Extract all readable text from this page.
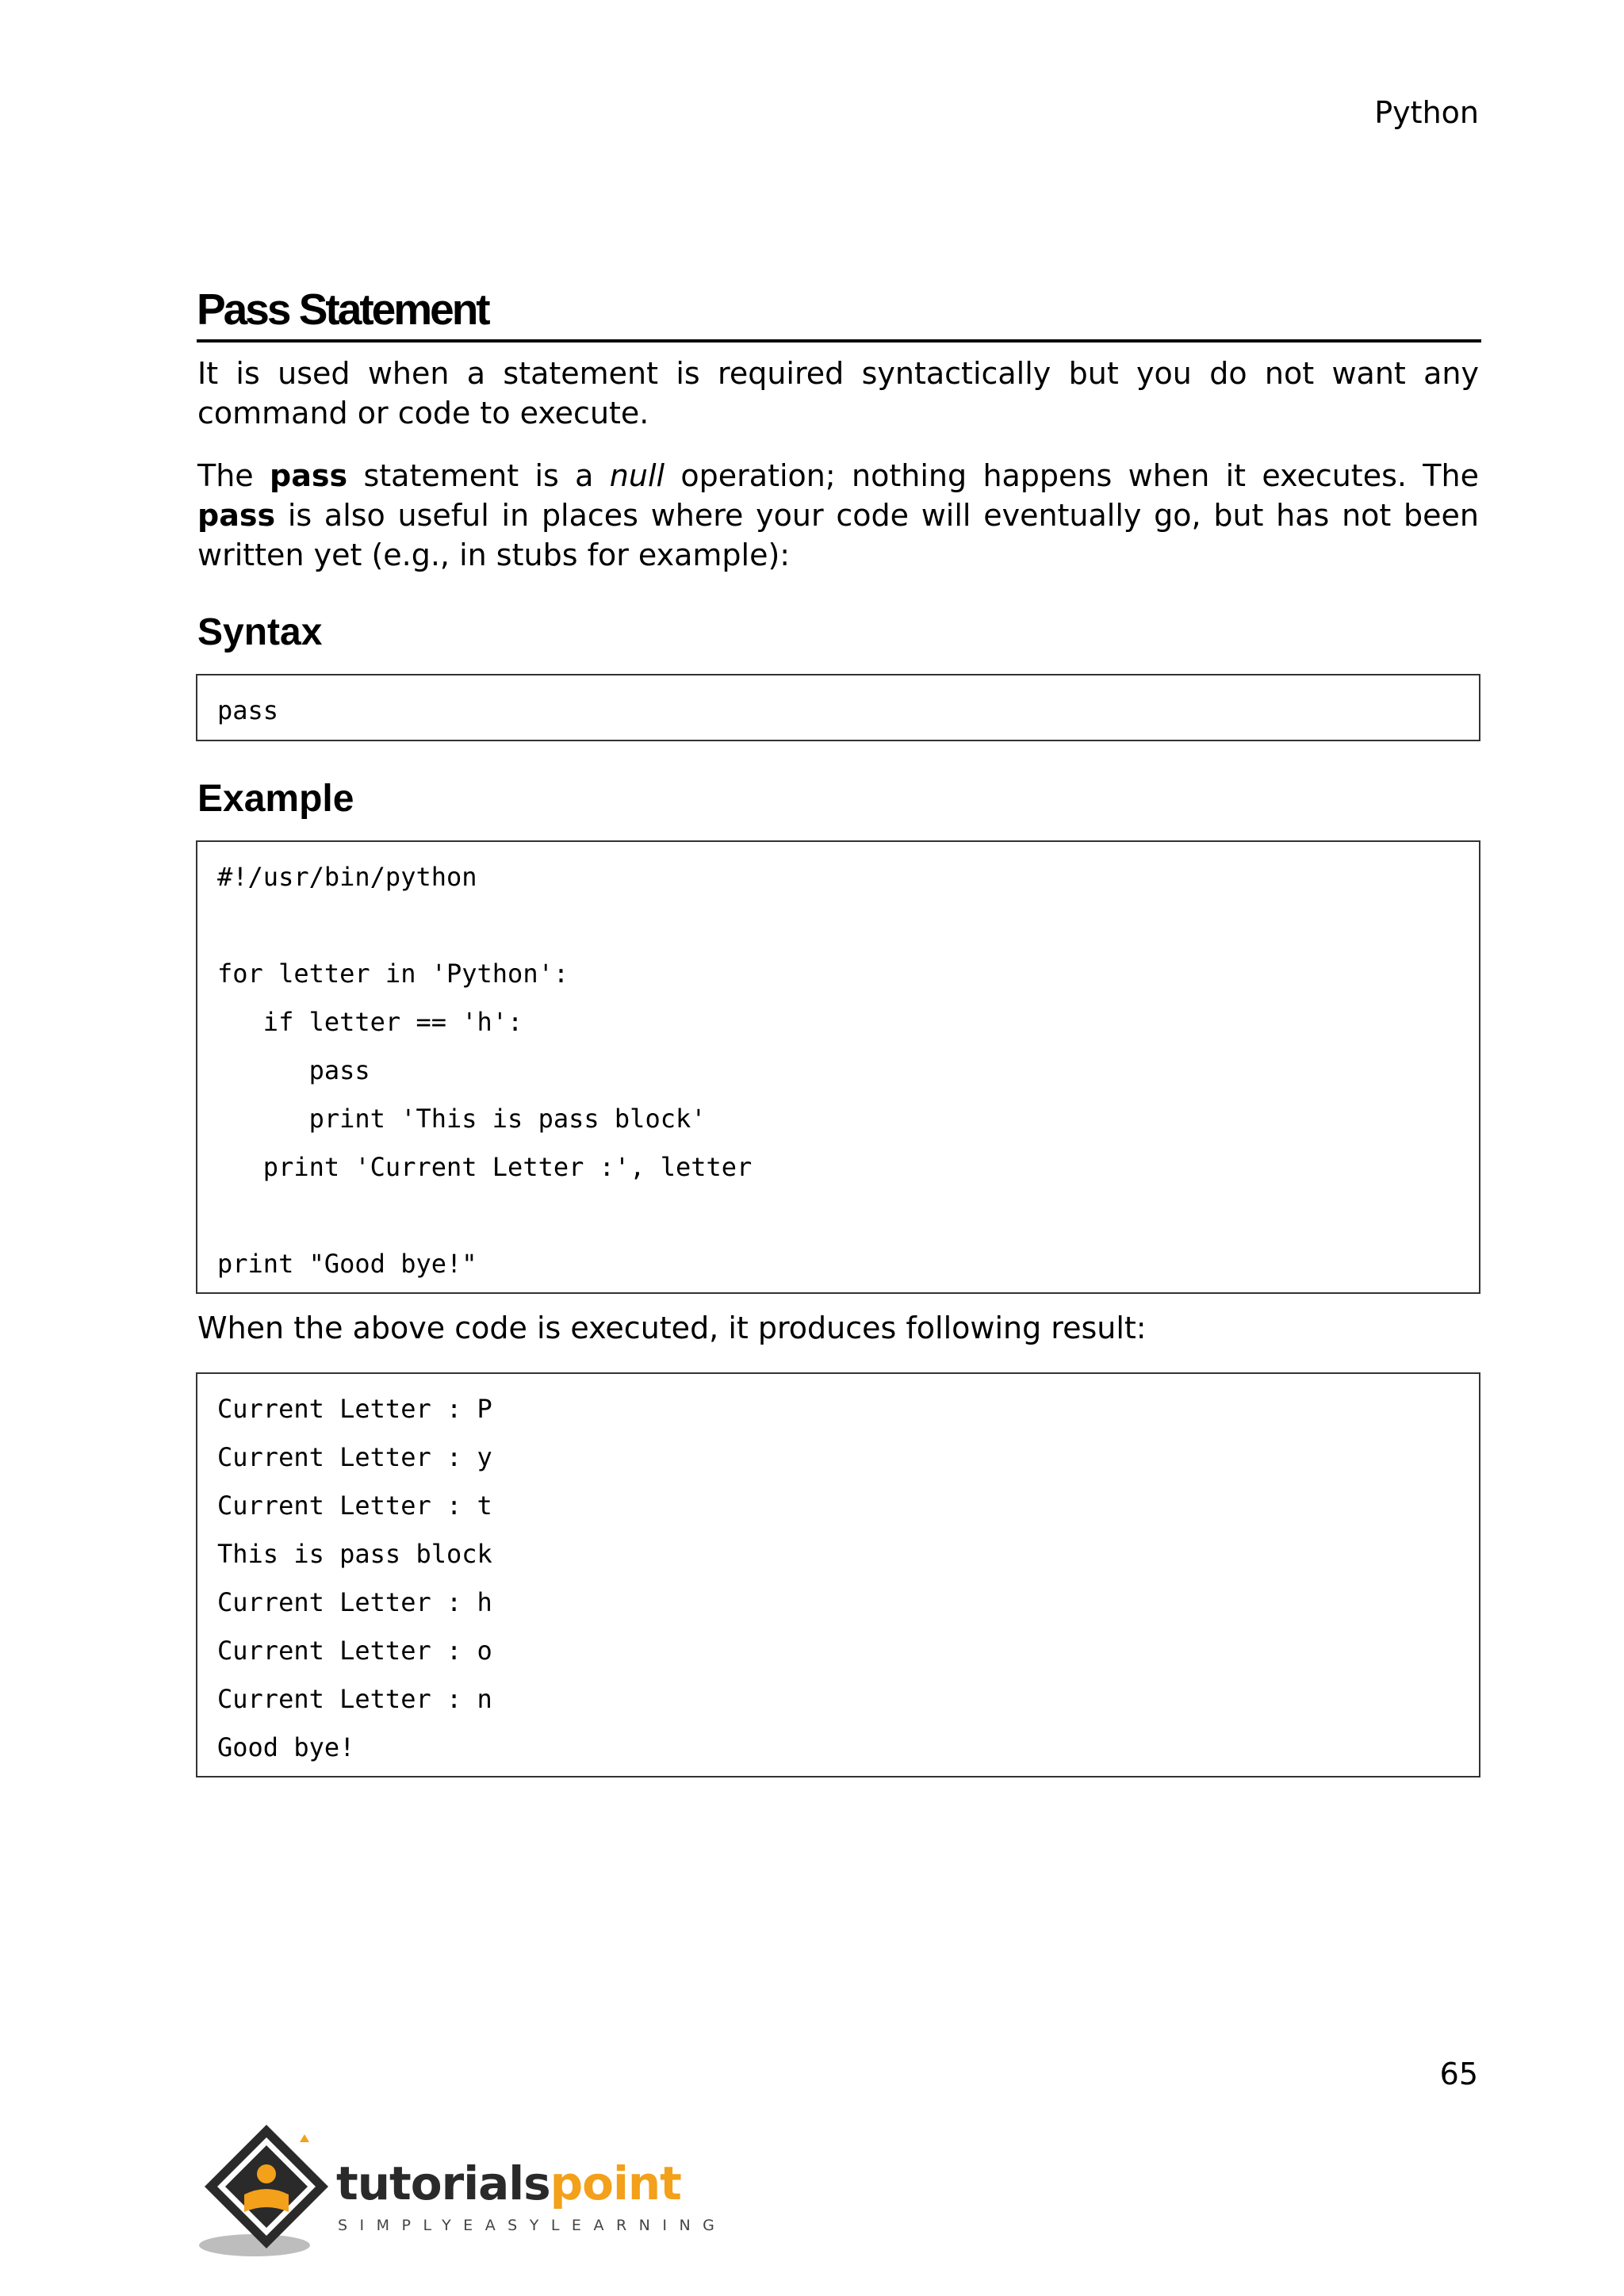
Python
Pass Statement

It is used when a statement is required syntactically but you do not want any command or code to execute.

The pass statement is a null operation; nothing happens when it executes. The pass is also useful in places where your code will eventually go, but has not been written yet (e.g., in stubs for example):

Syntax
pass
Example
#!/usr/bin/python
for letter in 'Python':
if letter == 'h':
pass
print 'This is pass block'
print 'Current Letter :', letter
print "Good bye!"

When the above code is executed, it produces following result:

Current Letter : P
Current Letter : y
Current Letter : t
This is pass block
Current Letter : h
Current Letter : o
Current Letter : n
Good bye!
65
tutorialspoint
SIMPLYEASYLEARNING
